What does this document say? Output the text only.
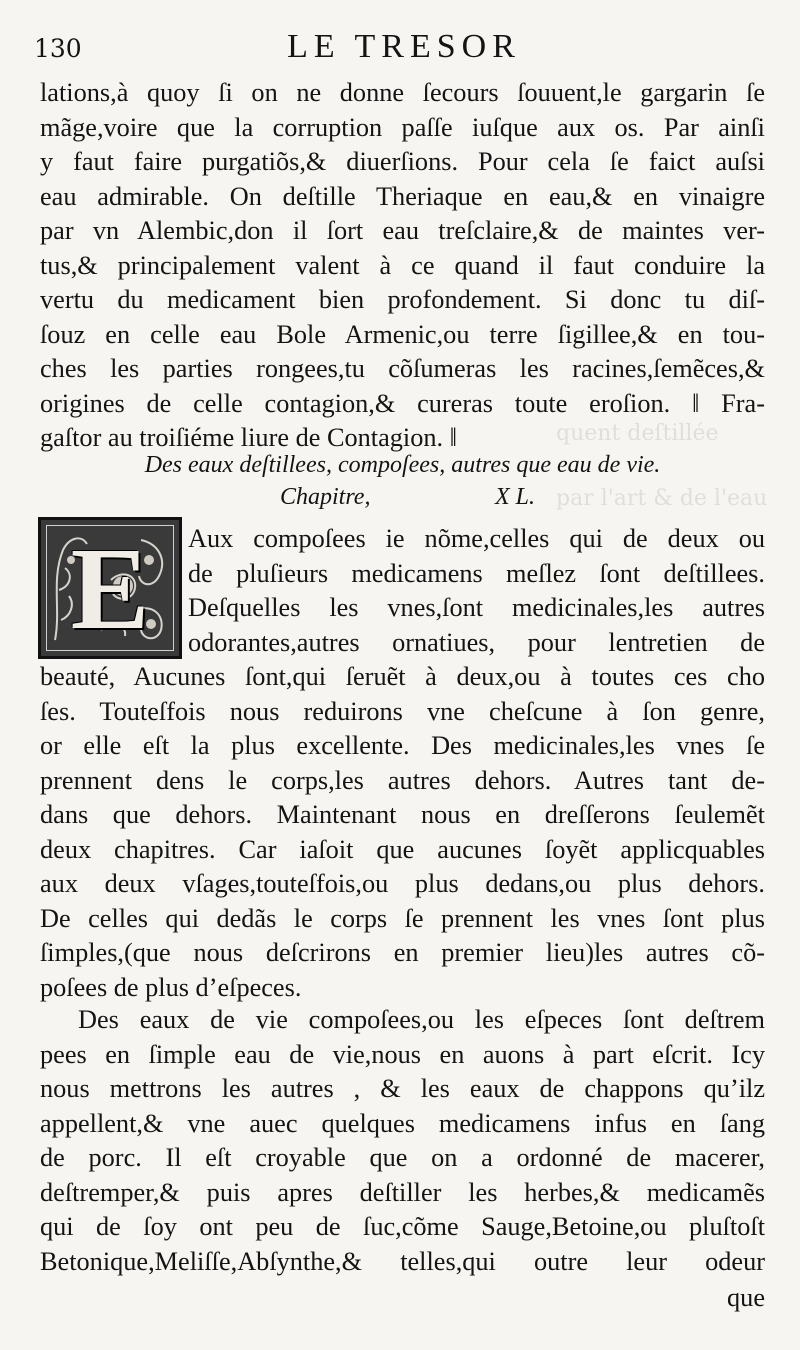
quent deſtillée
par l'art & de l'eau
130	LE TRESOR
lations,à quoy ſi on ne donne ſecours ſouuent,le gargarin ſe
mãge,voire que la corruption paſſe iuſque aux os. Par ainſi
y faut faire purgatiõs,& diuerſions. Pour cela ſe faict auſsi
eau admirable. On deſtille Theriaque en eau,& en vinaigre
par vn Alembic,don il ſort eau treſclaire,& de maintes ver-
tus,& principalement valent à ce quand il faut conduire la
vertu du medicament bien profondement. Si donc tu diſ-
ſouz en celle eau Bole Armenic,ou terre ſigillee,& en tou-
ches les parties rongees,tu cõſumeras les racines,ſemẽces,&
origines de celle contagion,& cureras toute eroſion. ‖ Fra-
gaſtor au troiſiéme liure de Contagion. ‖
Des eaux deſtillees, compoſees, autres que eau de vie.
Chapitre,	X L.
E	Aux compoſees ie nõme,celles qui de deux ou
de pluſieurs medicamens meſlez ſont deſtillees.
Deſquelles les vnes,ſont medicinales,les autres
odorantes,autres ornatiues, pour lentretien de
beauté, Aucunes ſont,qui ſeruẽt à deux,ou à toutes ces cho
ſes. Touteſfois nous reduirons vne cheſcune à ſon genre,
or elle eſt la plus excellente. Des medicinales,les vnes ſe
prennent dens le corps,les autres dehors. Autres tant de-
dans que dehors. Maintenant nous en dreſſerons ſeulemẽt
deux chapitres. Car iaſoit que aucunes ſoyẽt applicquables
aux deux vſages,touteſfois,ou plus dedans,ou plus dehors.
De celles qui dedãs le corps ſe prennent les vnes ſont plus
ſimples,(que nous deſcrirons en premier lieu)les autres cõ-
poſees de plus d’eſpeces.
Des eaux de vie compoſees,ou les eſpeces ſont deſtrem
pees en ſimple eau de vie,nous en auons à part eſcrit. Icy
nous mettrons les autres , & les eaux de chappons qu’ilz
appellent,& vne auec quelques medicamens infus en ſang
de porc. Il eſt croyable que on a ordonné de macerer,
deſtremper,& puis apres deſtiller les herbes,& medicamẽs
qui de ſoy ont peu de ſuc,cõme Sauge,Betoine,ou pluſtoſt
Betonique,Meliſſe,Abſynthe,& telles,qui outre leur odeur
que
